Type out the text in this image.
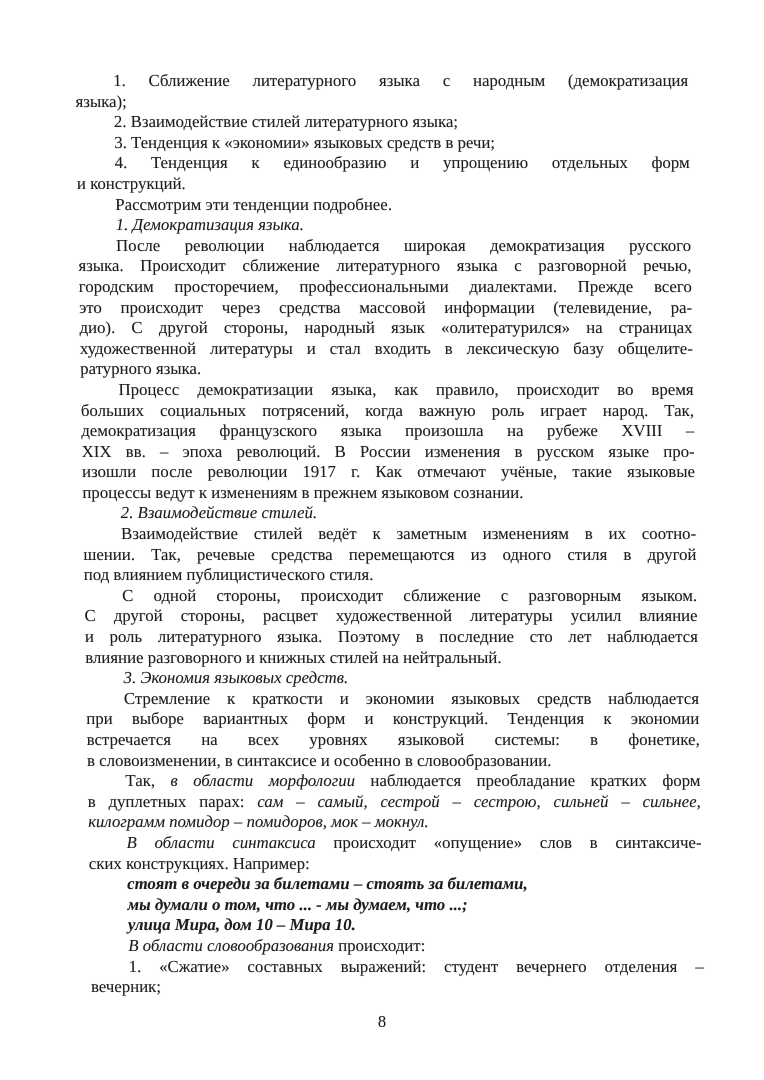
1. Сближение литературного языка с народным (демократизация
языка);
2. Взаимодействие стилей литературного языка;
3. Тенденция к «экономии» языковых средств в речи;
4. Тенденция к единообразию и упрощению отдельных форм
и конструкций.
Рассмотрим эти тенденции подробнее.
1. Демократизация языка.
После революции наблюдается широкая демократизация русского
языка. Происходит сближение литературного языка с разговорной речью,
городским просторечием, профессиональными диалектами. Прежде всего
это происходит через средства массовой информации (телевидение, ра-
дио). С другой стороны, народный язык «олитературился» на страницах
художественной литературы и стал входить в лексическую базу общелите-
ратурного языка.
Процесс демократизации языка, как правило, происходит во время
больших социальных потрясений, когда важную роль играет народ. Так,
демократизация французского языка произошла на рубеже XVIII –
XIX вв. – эпоха революций. В России изменения в русском языке про-
изошли после революции 1917 г. Как отмечают учёные, такие языковые
процессы ведут к изменениям в прежнем языковом сознании.
2. Взаимодействие стилей.
Взаимодействие стилей ведёт к заметным изменениям в их соотно-
шении. Так, речевые средства перемещаются из одного стиля в другой
под влиянием публицистического стиля.
С одной стороны, происходит сближение с разговорным языком.
С другой стороны, расцвет художественной литературы усилил влияние
и роль литературного языка. Поэтому в последние сто лет наблюдается
влияние разговорного и книжных стилей на нейтральный.
3. Экономия языковых средств.
Стремление к краткости и экономии языковых средств наблюдается
при выборе вариантных форм и конструкций. Тенденция к экономии
встречается на всех уровнях языковой системы: в фонетике,
в словоизменении, в синтаксисе и особенно в словообразовании.
Так, в области морфологии наблюдается преобладание кратких форм
в дуплетных парах: сам – самый, сестрой – сестрою, сильней – сильнее,
килограмм помидор – помидоров, мок – мокнул.
В области синтаксиса происходит «опущение» слов в синтаксиче-
ских конструкциях. Например:
стоят в очереди за билетами – стоять за билетами,
мы думали о том, что ... - мы думаем, что ...;
улица Мира, дом 10 – Мира 10.
В области словообразования происходит:
1. «Сжатие» составных выражений: студент вечернего отделения –
вечерник;
8
